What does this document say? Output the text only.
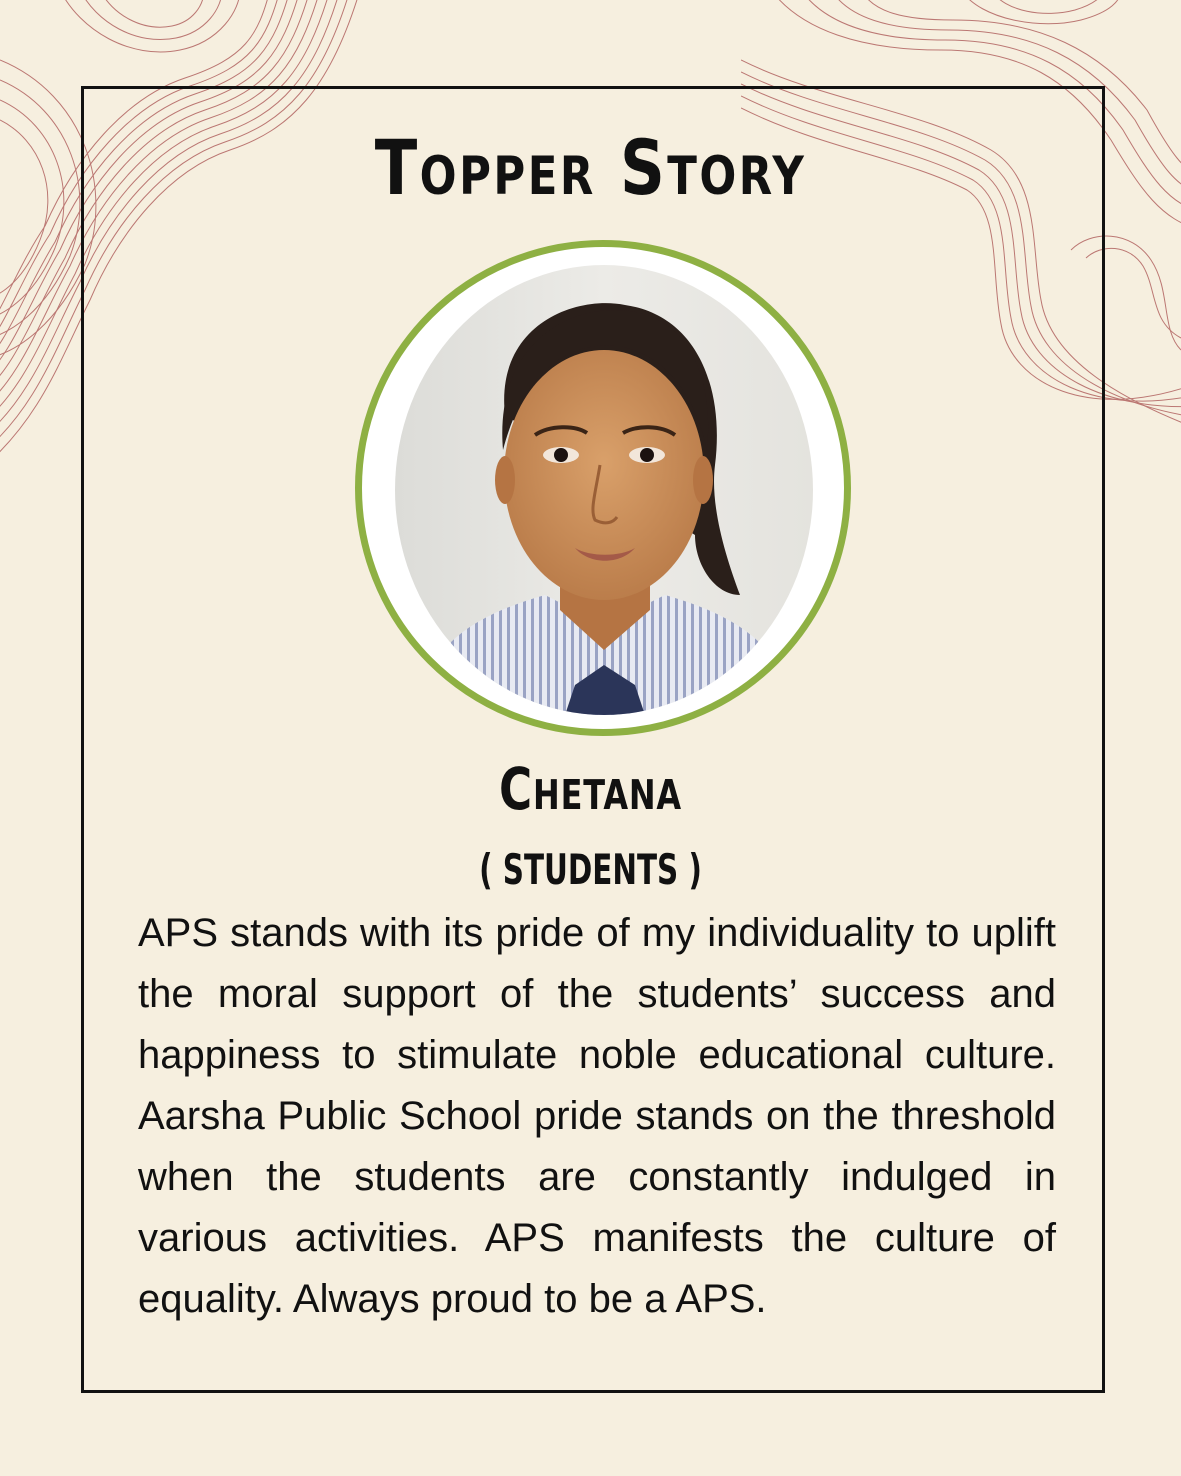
Topper Story
Chetana
( STUDENTS )

APS stands with its pride of my individuality to uplift the moral support of the students’ success and happiness to stimulate noble educational culture. Aarsha Public School pride stands on the threshold when the students are constantly indulged in various activities. APS manifests the culture of equality. Always proud to be a APS.
